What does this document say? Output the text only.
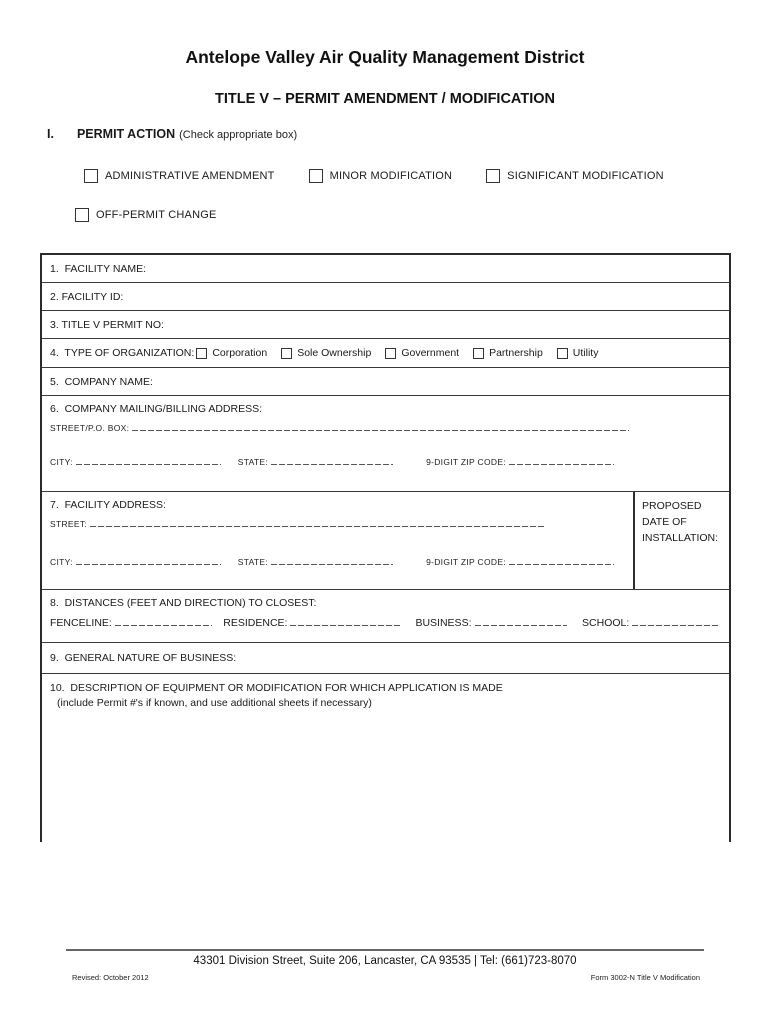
Antelope Valley Air Quality Management District
TITLE V – PERMIT AMENDMENT / MODIFICATION
I. PERMIT ACTION (Check appropriate box)
ADMINISTRATIVE AMENDMENT	MINOR MODIFICATION	SIGNIFICANT MODIFICATION
OFF-PERMIT CHANGE
1.  FACILITY NAME:
2. FACILITY ID:
3. TITLE V PERMIT NO:
4.  TYPE OF ORGANIZATION: Corporation	Sole Ownership	Government	Partnership	Utility
5.  COMPANY NAME:
6.  COMPANY MAILING/BILLING ADDRESS:
STREET/P.O. BOX:
CITY:	STATE:	9-DIGIT ZIP CODE:
7.  FACILITY ADDRESS:
STREET:
CITY:	STATE:	9-DIGIT ZIP CODE:
PROPOSED DATE OF INSTALLATION:
8.  DISTANCES (FEET AND DIRECTION) TO CLOSEST:
FENCELINE:	RESIDENCE:	BUSINESS:	SCHOOL:
9.  GENERAL NATURE OF BUSINESS:
10.  DESCRIPTION OF EQUIPMENT OR MODIFICATION FOR WHICH APPLICATION IS MADE
(include Permit #'s if known, and use additional sheets if necessary)
43301 Division Street, Suite 206, Lancaster, CA 93535 | Tel: (661)723-8070
Revised: October 2012	Form 3002-N Title V Modification
